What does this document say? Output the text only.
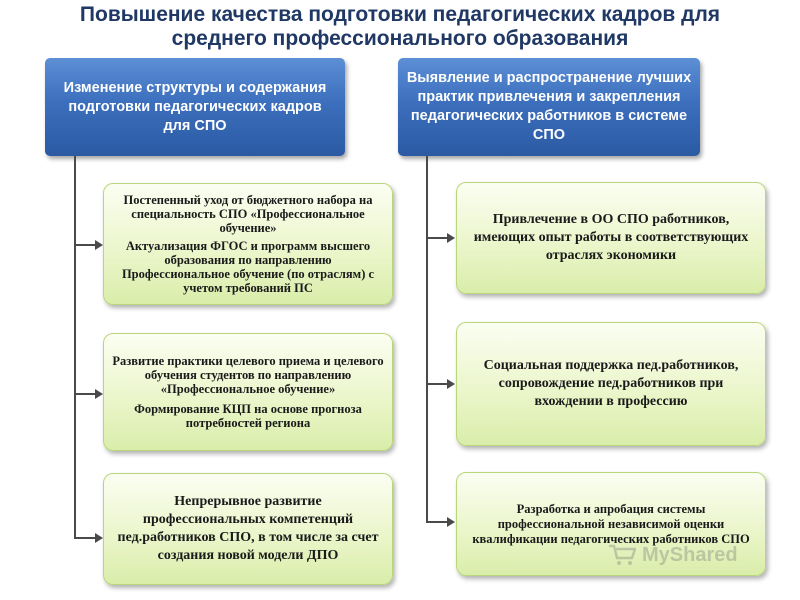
Повышение качества подготовки педагогических кадров для
среднего профессионального образования
Изменение структуры и содержания подготовки педагогических кадров для СПО
Выявление и распространение лучших практик привлечения и закрепления педагогических работников в системе СПО

Постепенный уход от бюджетного набора на специальность СПО «Профессиональное обучение»

Актуализация ФГОС и программ высшего образования по направлению Профессиональное обучение (по отраслям) с учетом требований ПС

Развитие практики целевого приема и целевого обучения студентов по направлению «Профессиональное обучение»

Формирование КЦП на основе прогноза потребностей региона

Непрерывное развитие профессиональных компетенций пед.работников СПО, в том числе за счет создания новой модели ДПО

Привлечение в ОО СПО работников, имеющих опыт работы в соответствующих отраслях экономики

Социальная поддержка пед.работников, сопровождение пед.работников при вхождении в профессию

Разработка и апробация системы профессиональной независимой оценки квалификации педагогических работников СПО

MyShared
